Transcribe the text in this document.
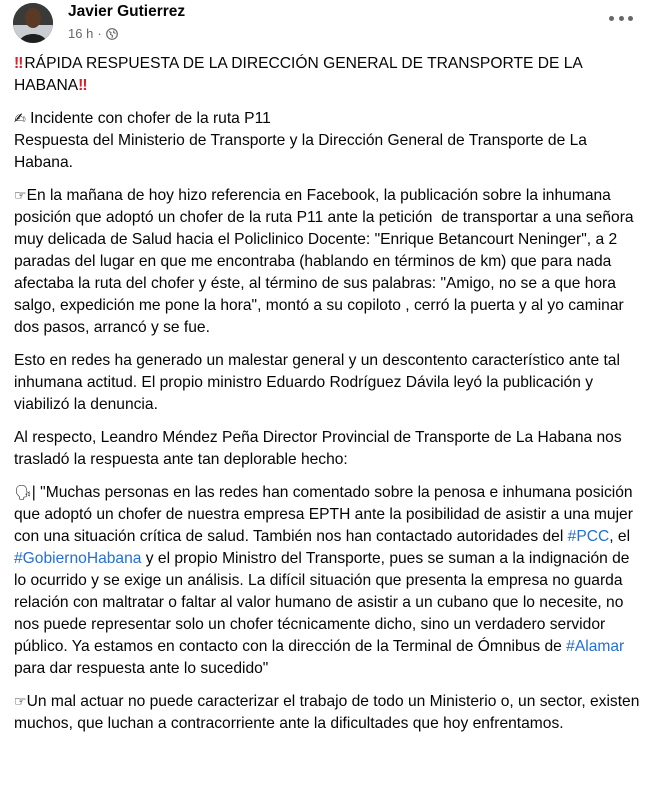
Javier Gutierrez
16 h ·

‼ RÁPIDA RESPUESTA DE LA DIRECCIÓN GENERAL DE TRANSPORTE DE LA HABANA‼

✍ Incidente con chofer de la ruta P11
Respuesta del Ministerio de Transporte y la Dirección General de Transporte de La Habana.

☞En la mañana de hoy hizo referencia en Facebook, la publicación sobre la inhumana posición que adoptó un chofer de la ruta P11 ante la petición  de transportar a una señora muy delicada de Salud hacia el Policlinico Docente: "Enrique Betancourt Neninger", a 2 paradas del lugar en que me encontraba (hablando en términos de km) que para nada afectaba la ruta del chofer y éste, al término de sus palabras: "Amigo, no se a que hora salgo, expedición me pone la hora", montó a su copiloto , cerró la puerta y al yo caminar dos pasos, arrancó y se fue.

Esto en redes ha generado un malestar general y un descontento característico ante tal inhumana actitud. El propio ministro Eduardo Rodríguez Dávila leyó la publicación y viabilizó la denuncia.

Al respecto, Leandro Méndez Peña Director Provincial de Transporte de La Habana nos trasladó la respuesta ante tan deplorable hecho:

🗣| "Muchas personas en las redes han comentado sobre la penosa e inhumana posición que adoptó un chofer de nuestra empresa EPTH ante la posibilidad de asistir a una mujer con una situación crítica de salud. También nos han contactado autoridades del #PCC, el #GobiernoHabana y el propio Ministro del Transporte, pues se suman a la indignación de lo ocurrido y se exige un análisis. La difícil situación que presenta la empresa no guarda relación con maltratar o faltar al valor humano de asistir a un cubano que lo necesite, no nos puede representar solo un chofer técnicamente dicho, sino un verdadero servidor público. Ya estamos en contacto con la dirección de la Terminal de Ómnibus de #Alamar para dar respuesta ante lo sucedido"

☞Un mal actuar no puede caracterizar el trabajo de todo un Ministerio o, un sector, existen muchos, que luchan a contracorriente ante la dificultades que hoy enfrentamos.
